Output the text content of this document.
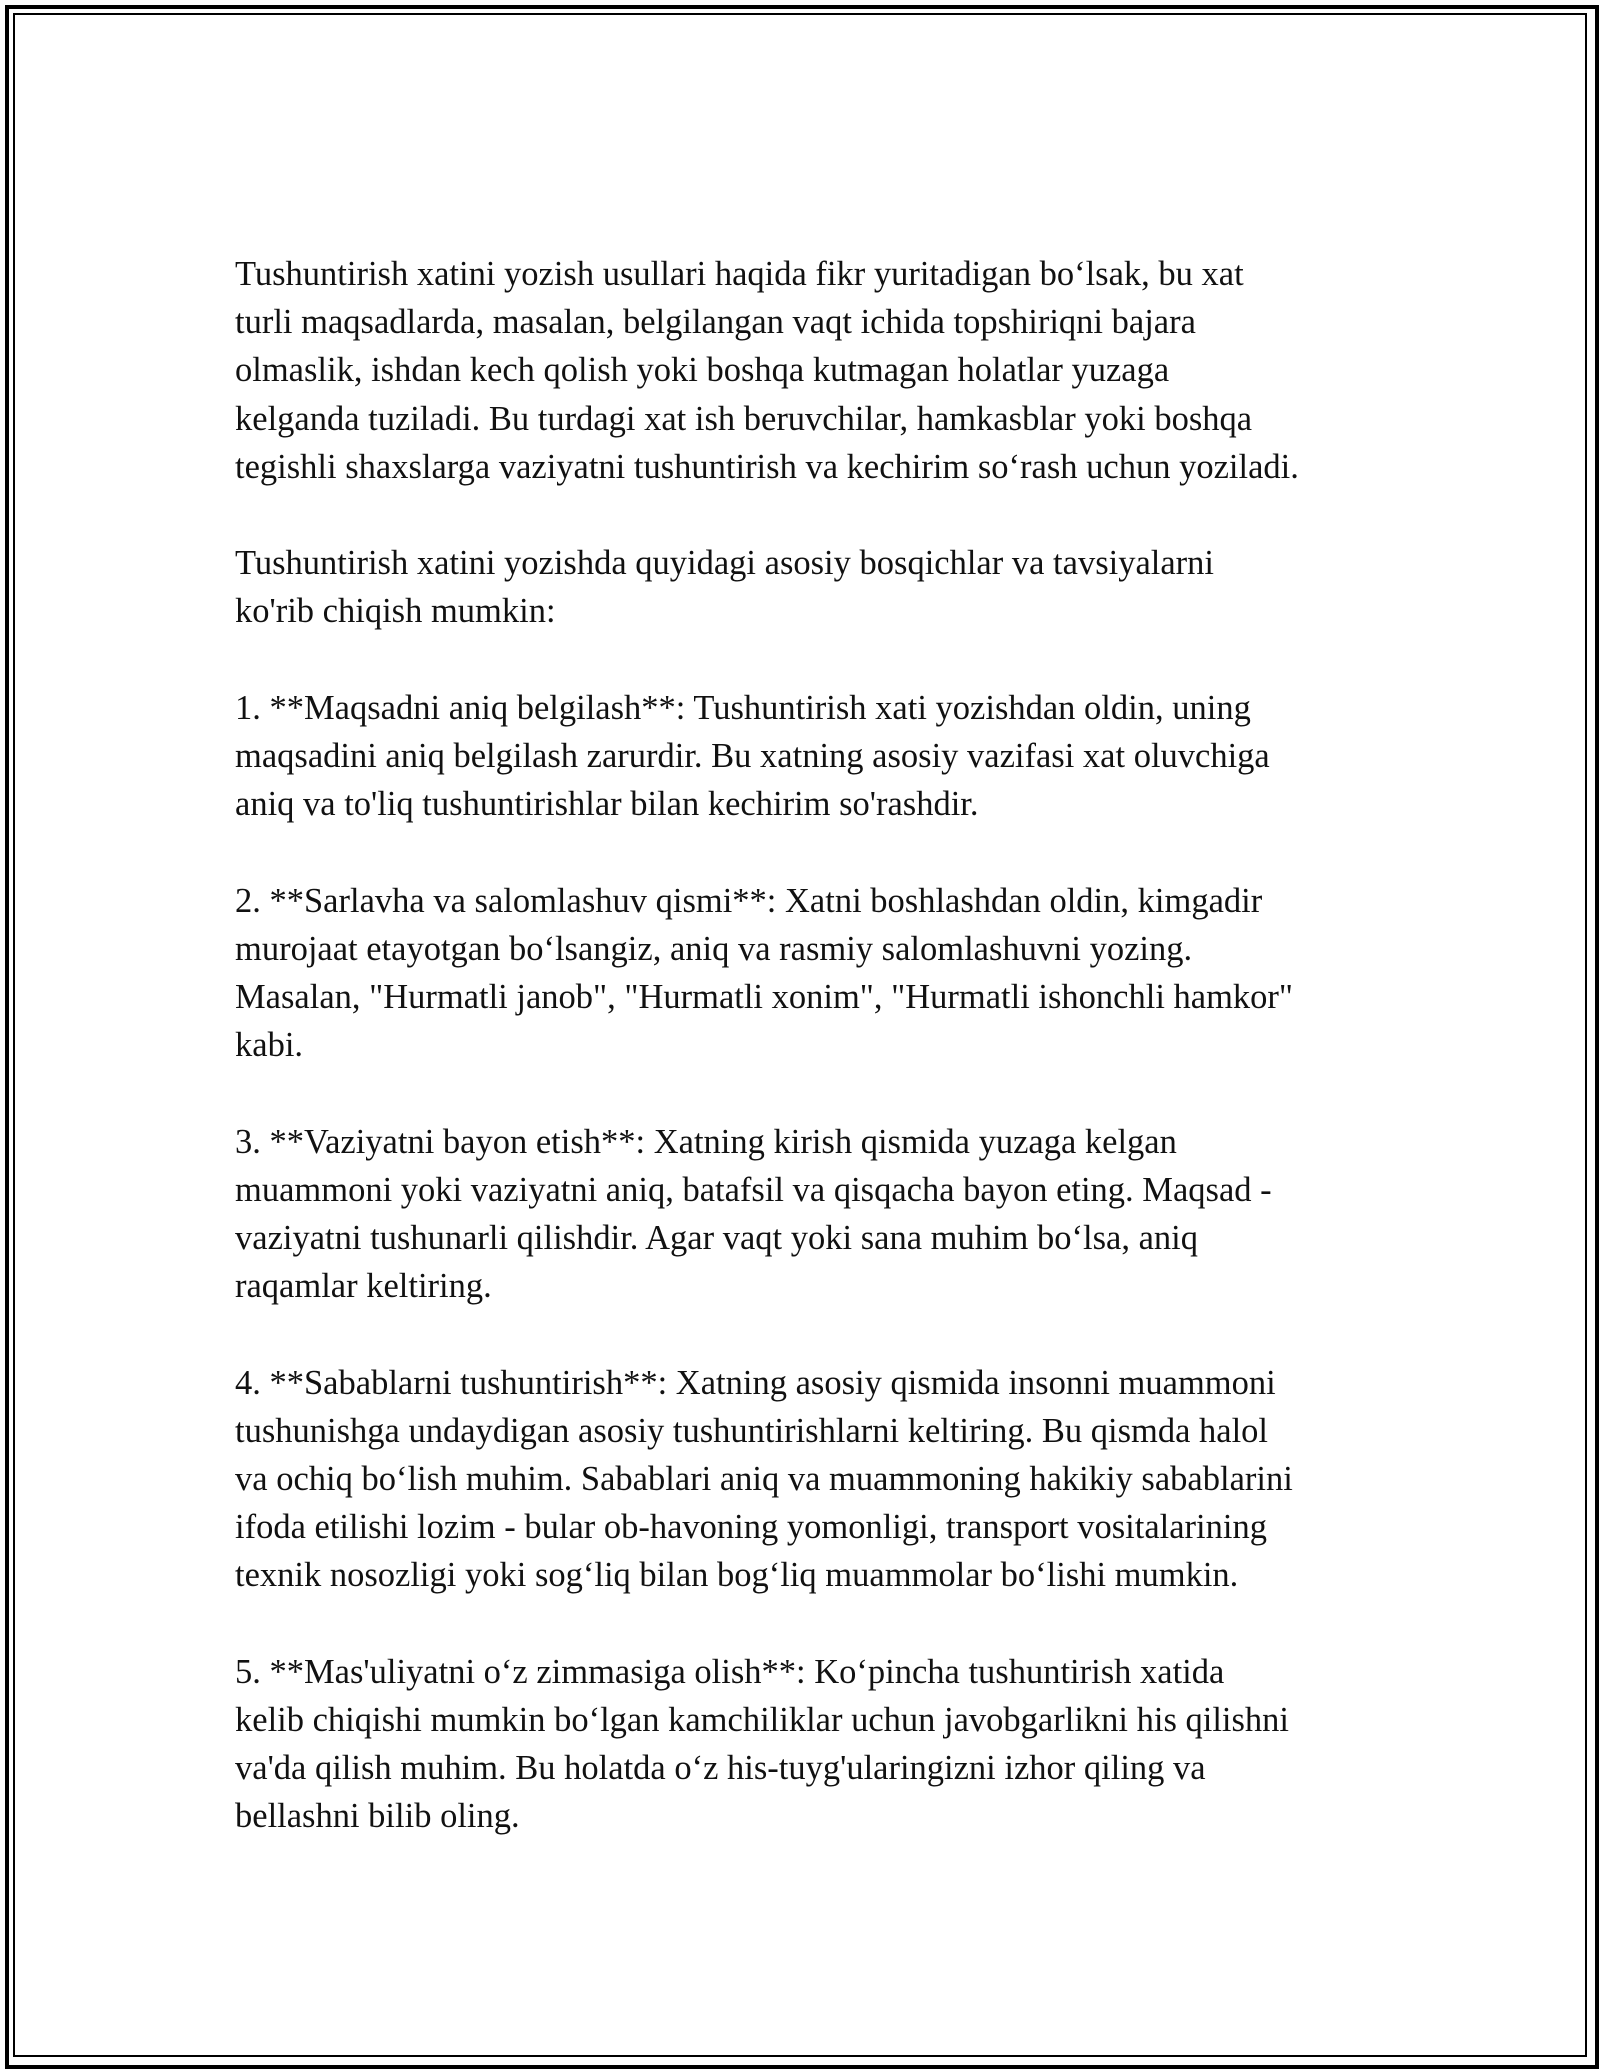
Tushuntirish xatini yozish usullari haqida fikr yuritadigan bo‘lsak, bu xat
turli maqsadlarda, masalan, belgilangan vaqt ichida topshiriqni bajara
olmaslik, ishdan kech qolish yoki boshqa kutmagan holatlar yuzaga
kelganda tuziladi. Bu turdagi xat ish beruvchilar, hamkasblar yoki boshqa
tegishli shaxslarga vaziyatni tushuntirish va kechirim so‘rash uchun yoziladi.

Tushuntirish xatini yozishda quyidagi asosiy bosqichlar va tavsiyalarni
ko'rib chiqish mumkin:

1. **Maqsadni aniq belgilash**: Tushuntirish xati yozishdan oldin, uning
maqsadini aniq belgilash zarurdir. Bu xatning asosiy vazifasi xat oluvchiga
aniq va to'liq tushuntirishlar bilan kechirim so'rashdir.

2. **Sarlavha va salomlashuv qismi**: Xatni boshlashdan oldin, kimgadir
murojaat etayotgan bo‘lsangiz, aniq va rasmiy salomlashuvni yozing.
Masalan, "Hurmatli janob", "Hurmatli xonim", "Hurmatli ishonchli hamkor"
kabi.

3. **Vaziyatni bayon etish**: Xatning kirish qismida yuzaga kelgan
muammoni yoki vaziyatni aniq, batafsil va qisqacha bayon eting. Maqsad -
vaziyatni tushunarli qilishdir. Agar vaqt yoki sana muhim bo‘lsa, aniq
raqamlar keltiring.

4. **Sabablarni tushuntirish**: Xatning asosiy qismida insonni muammoni
tushunishga undaydigan asosiy tushuntirishlarni keltiring. Bu qismda halol
va ochiq bo‘lish muhim. Sabablari aniq va muammoning hakikiy sabablarini
ifoda etilishi lozim - bular ob-havoning yomonligi, transport vositalarining
texnik nosozligi yoki sog‘liq bilan bog‘liq muammolar bo‘lishi mumkin.

5. **Mas'uliyatni o‘z zimmasiga olish**: Ko‘pincha tushuntirish xatida
kelib chiqishi mumkin bo‘lgan kamchiliklar uchun javobgarlikni his qilishni
va'da qilish muhim. Bu holatda o‘z his-tuyg'ularingizni izhor qiling va
bellashni bilib oling.
